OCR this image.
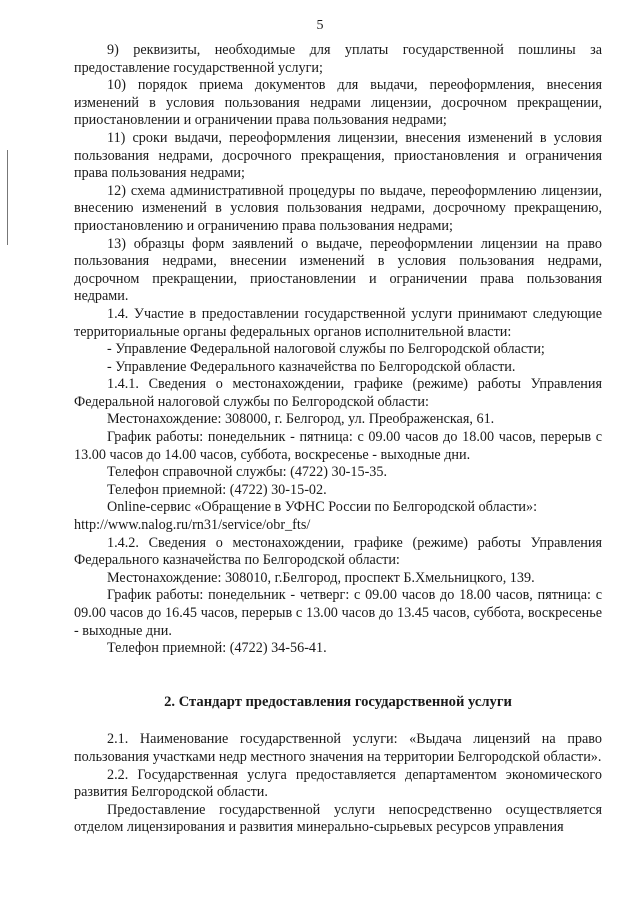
5

9) реквизиты, необходимые для уплаты государственной пошлины за предоставление государственной услуги;

10) порядок приема документов для выдачи, переоформления, внесения изменений в условия пользования недрами лицензии, досрочном прекращении, приостановлении и ограничении права пользования недрами;

11) сроки выдачи, переоформления лицензии, внесения изменений в условия пользования недрами, досрочного прекращения, приостановления и ограничения права пользования недрами;

12) схема административной процедуры по выдаче, переоформлению лицензии, внесению изменений в условия пользования недрами, досрочному прекращению, приостановлению и ограничению права пользования недрами;

13) образцы форм заявлений о выдаче, переоформлении лицензии на право пользования недрами, внесении изменений в условия пользования недрами, досрочном прекращении, приостановлении и ограничении права пользования недрами.

1.4. Участие в предоставлении государственной услуги принимают следующие территориальные органы федеральных органов исполнительной власти:

- Управление Федеральной налоговой службы по Белгородской области;

- Управление Федерального казначейства по Белгородской области.

1.4.1. Сведения о местонахождении, графике (режиме) работы Управления Федеральной налоговой службы по Белгородской области:

Местонахождение: 308000, г. Белгород, ул. Преображенская, 61.

График работы: понедельник - пятница: с 09.00 часов до 18.00 часов, перерыв с 13.00 часов до 14.00 часов, суббота, воскресенье - выходные дни.

Телефон справочной службы: (4722) 30-15-35.

Телефон приемной: (4722) 30-15-02.

Online-сервис «Обращение в УФНС России по Белгородской области»:

http://www.nalog.ru/rn31/service/obr_fts/

1.4.2. Сведения о местонахождении, графике (режиме) работы Управления Федерального казначейства по Белгородской области:

Местонахождение: 308010, г.Белгород, проспект Б.Хмельницкого, 139.

График работы: понедельник - четверг: с 09.00 часов до 18.00 часов, пятница: с 09.00 часов до 16.45 часов, перерыв с 13.00 часов до 13.45 часов, суббота, воскресенье - выходные дни.

Телефон приемной: (4722) 34-56-41.

2. Стандарт предоставления государственной услуги

2.1. Наименование государственной услуги: «Выдача лицензий на право пользования участками недр местного значения на территории Белгородской области».

2.2. Государственная услуга предоставляется департаментом экономического развития Белгородской области.

Предоставление государственной услуги непосредственно осуществляется отделом лицензирования и развития минерально-сырьевых ресурсов управления
